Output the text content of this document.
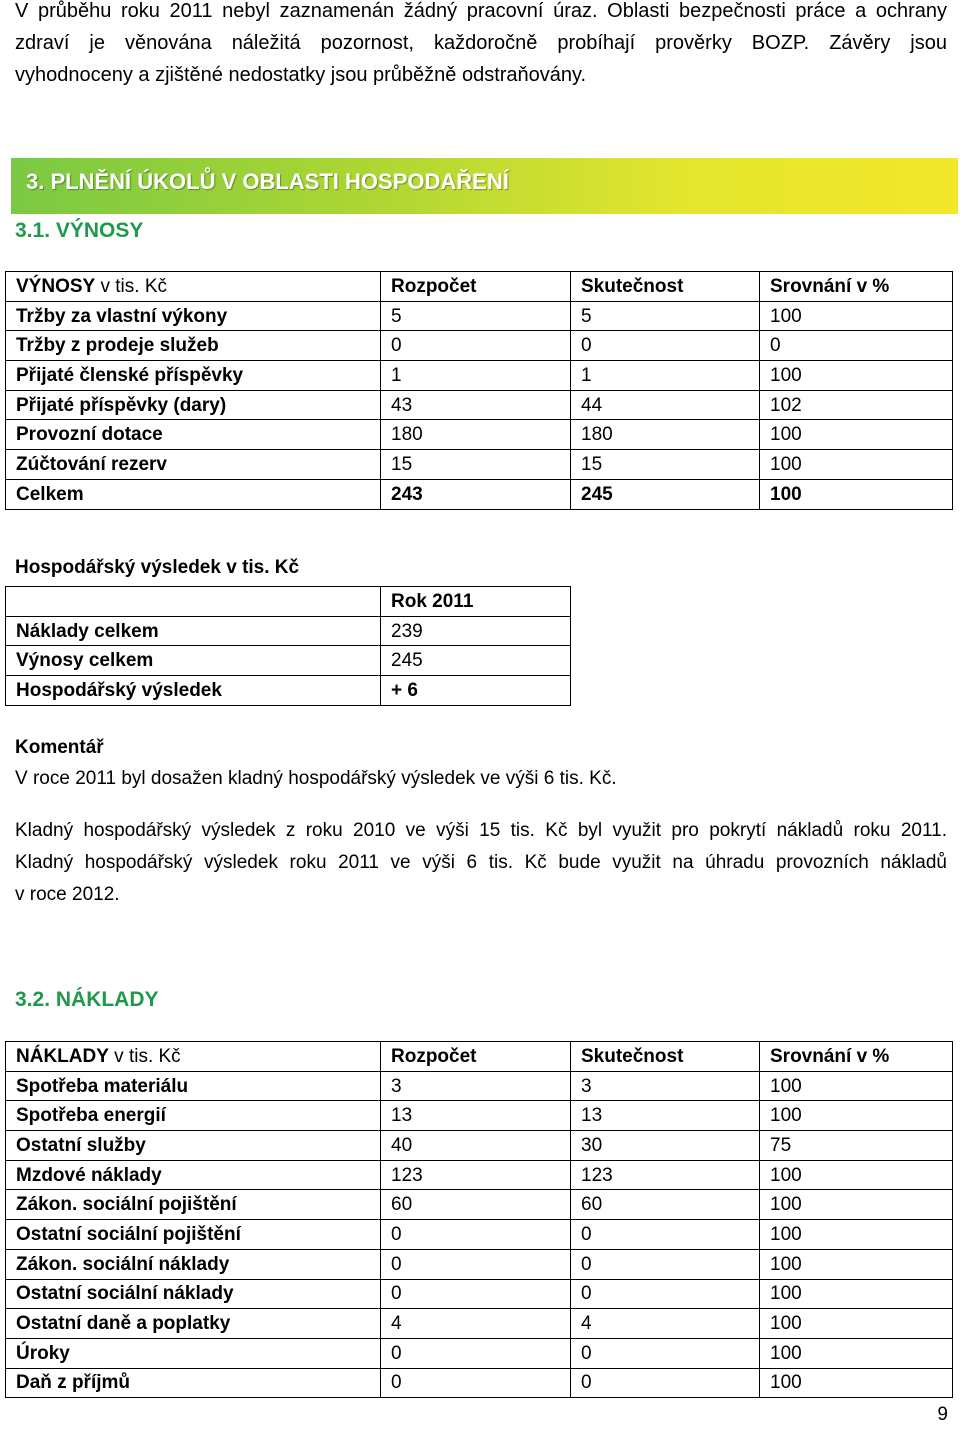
V průběhu roku 2011 nebyl zaznamenán žádný pracovní úraz. Oblasti bezpečnosti práce a ochrany
zdraví je věnována náležitá pozornost, každoročně probíhají prověrky BOZP. Závěry jsou
vyhodnoceny a zjištěné nedostatky jsou průběžně odstraňovány.
3. PLNĚNÍ ÚKOLŮ V OBLASTI HOSPODAŘENÍ
3.1. VÝNOSY
VÝNOSY v tis. Kč	Rozpočet	Skutečnost	Srovnání v %
Tržby za vlastní výkony	5	5	100
Tržby z prodeje služeb	0	0	0
Přijaté členské příspěvky	1	1	100
Přijaté příspěvky (dary)	43	44	102
Provozní dotace	180	180	100
Zúčtování rezerv	15	15	100
Celkem	243	245	100
Hospodářský výsledek v tis. Kč
	Rok 2011
Náklady celkem	239
Výnosy celkem	245
Hospodářský výsledek	+ 6
Komentář
V roce 2011 byl dosažen kladný hospodářský výsledek ve výši 6 tis. Kč.
Kladný hospodářský výsledek z roku 2010 ve výši 15 tis. Kč byl využit pro pokrytí nákladů roku 2011.
Kladný hospodářský výsledek roku 2011 ve výši 6 tis. Kč bude využit na úhradu provozních nákladů
v roce 2012.
3.2. NÁKLADY
NÁKLADY v tis. Kč	Rozpočet	Skutečnost	Srovnání v %
Spotřeba materiálu	3	3	100
Spotřeba energií	13	13	100
Ostatní služby	40	30	75
Mzdové náklady	123	123	100
Zákon. sociální pojištění	60	60	100
Ostatní sociální pojištění	0	0	100
Zákon. sociální náklady	0	0	100
Ostatní sociální náklady	0	0	100
Ostatní daně a poplatky	4	4	100
Úroky	0	0	100
Daň z příjmů	0	0	100
9
